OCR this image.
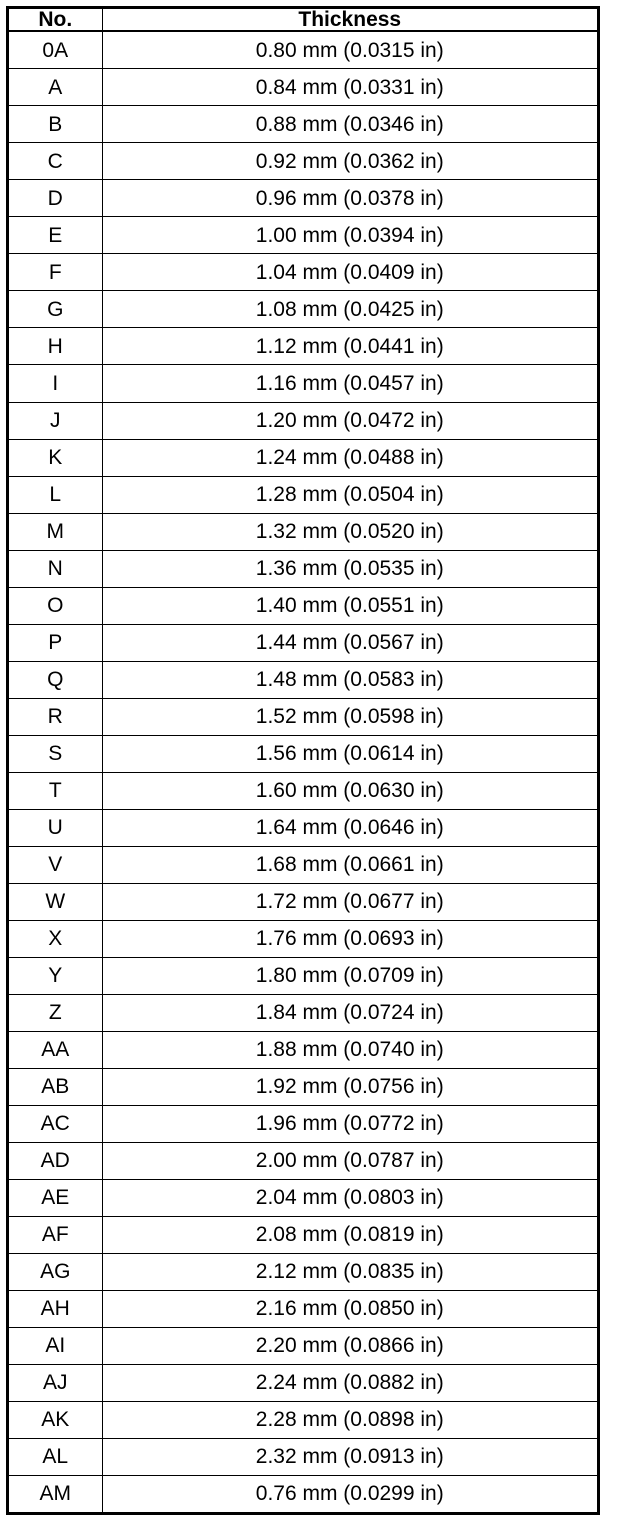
No.	Thickness
0A	0.80 mm (0.0315 in)
A	0.84 mm (0.0331 in)
B	0.88 mm (0.0346 in)
C	0.92 mm (0.0362 in)
D	0.96 mm (0.0378 in)
E	1.00 mm (0.0394 in)
F	1.04 mm (0.0409 in)
G	1.08 mm (0.0425 in)
H	1.12 mm (0.0441 in)
I	1.16 mm (0.0457 in)
J	1.20 mm (0.0472 in)
K	1.24 mm (0.0488 in)
L	1.28 mm (0.0504 in)
M	1.32 mm (0.0520 in)
N	1.36 mm (0.0535 in)
O	1.40 mm (0.0551 in)
P	1.44 mm (0.0567 in)
Q	1.48 mm (0.0583 in)
R	1.52 mm (0.0598 in)
S	1.56 mm (0.0614 in)
T	1.60 mm (0.0630 in)
U	1.64 mm (0.0646 in)
V	1.68 mm (0.0661 in)
W	1.72 mm (0.0677 in)
X	1.76 mm (0.0693 in)
Y	1.80 mm (0.0709 in)
Z	1.84 mm (0.0724 in)
AA	1.88 mm (0.0740 in)
AB	1.92 mm (0.0756 in)
AC	1.96 mm (0.0772 in)
AD	2.00 mm (0.0787 in)
AE	2.04 mm (0.0803 in)
AF	2.08 mm (0.0819 in)
AG	2.12 mm (0.0835 in)
AH	2.16 mm (0.0850 in)
AI	2.20 mm (0.0866 in)
AJ	2.24 mm (0.0882 in)
AK	2.28 mm (0.0898 in)
AL	2.32 mm (0.0913 in)
AM	0.76 mm (0.0299 in)
